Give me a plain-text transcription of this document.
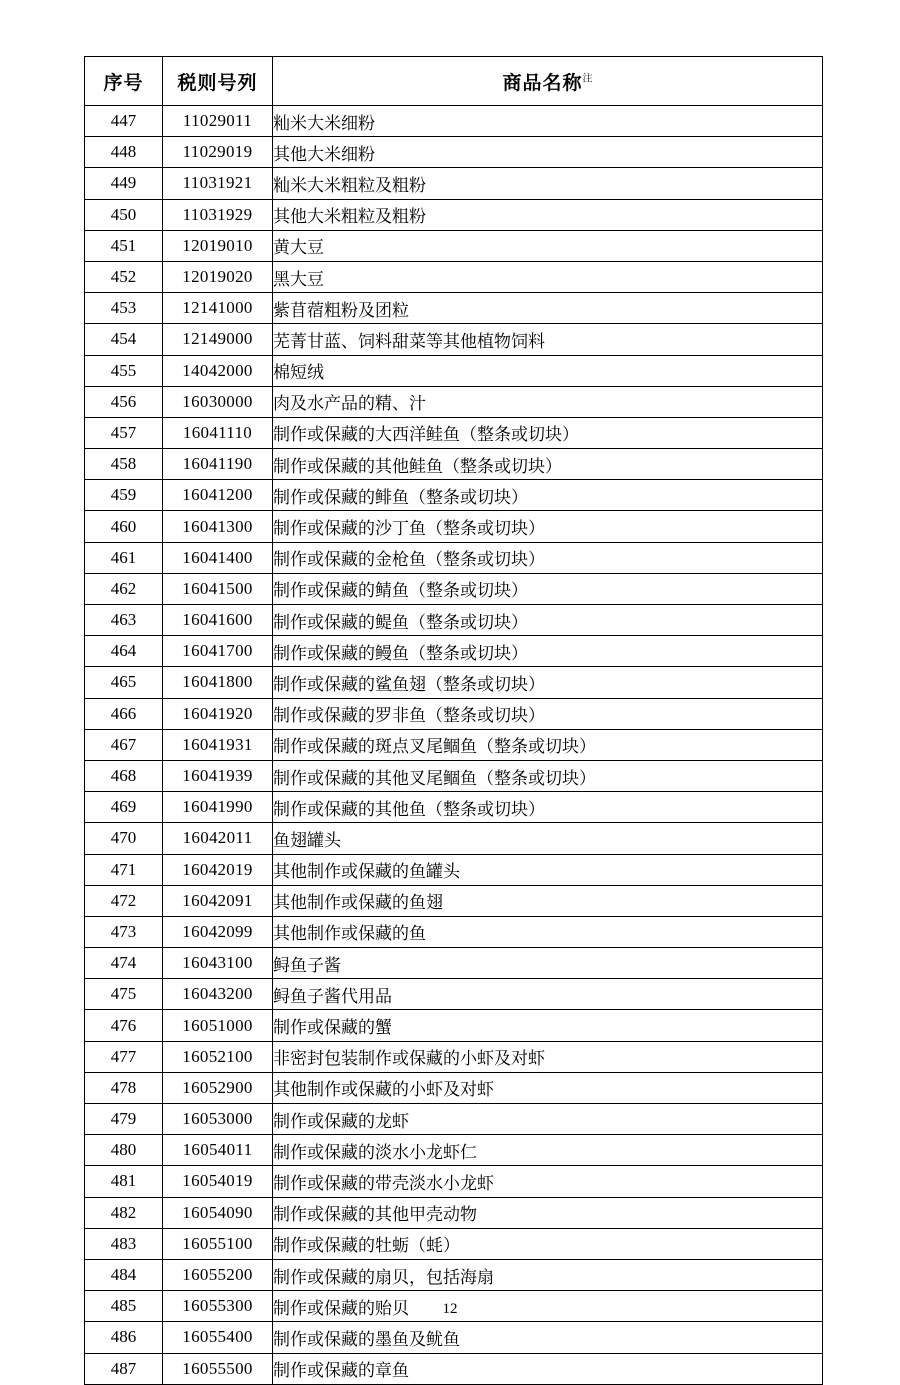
序号	税则号列	商品名称$^注$
447	11029011	籼米大米细粉
448	11029019	其他大米细粉
449	11031921	籼米大米粗粒及粗粉
450	11031929	其他大米粗粒及粗粉
451	12019010	黄大豆
452	12019020	黑大豆
453	12141000	紫苜蓿粗粉及团粒
454	12149000	芜菁甘蓝、饲料甜菜等其他植物饲料
455	14042000	棉短绒
456	16030000	肉及水产品的精、汁
457	16041110	制作或保藏的大西洋鲑鱼（整条或切块）
458	16041190	制作或保藏的其他鲑鱼（整条或切块）
459	16041200	制作或保藏的鲱鱼（整条或切块）
460	16041300	制作或保藏的沙丁鱼（整条或切块）
461	16041400	制作或保藏的金枪鱼（整条或切块）
462	16041500	制作或保藏的鲭鱼（整条或切块）
463	16041600	制作或保藏的鳀鱼（整条或切块）
464	16041700	制作或保藏的鳗鱼（整条或切块）
465	16041800	制作或保藏的鲨鱼翅（整条或切块）
466	16041920	制作或保藏的罗非鱼（整条或切块）
467	16041931	制作或保藏的斑点叉尾鲴鱼（整条或切块）
468	16041939	制作或保藏的其他叉尾鲴鱼（整条或切块）
469	16041990	制作或保藏的其他鱼（整条或切块）
470	16042011	鱼翅罐头
471	16042019	其他制作或保藏的鱼罐头
472	16042091	其他制作或保藏的鱼翅
473	16042099	其他制作或保藏的鱼
474	16043100	鲟鱼子酱
475	16043200	鲟鱼子酱代用品
476	16051000	制作或保藏的蟹
477	16052100	非密封包装制作或保藏的小虾及对虾
478	16052900	其他制作或保藏的小虾及对虾
479	16053000	制作或保藏的龙虾
480	16054011	制作或保藏的淡水小龙虾仁
481	16054019	制作或保藏的带壳淡水小龙虾
482	16054090	制作或保藏的其他甲壳动物
483	16055100	制作或保藏的牡蛎（蚝）
484	16055200	制作或保藏的扇贝，包括海扇
485	16055300	制作或保藏的贻贝
486	16055400	制作或保藏的墨鱼及鱿鱼
487	16055500	制作或保藏的章鱼
12
